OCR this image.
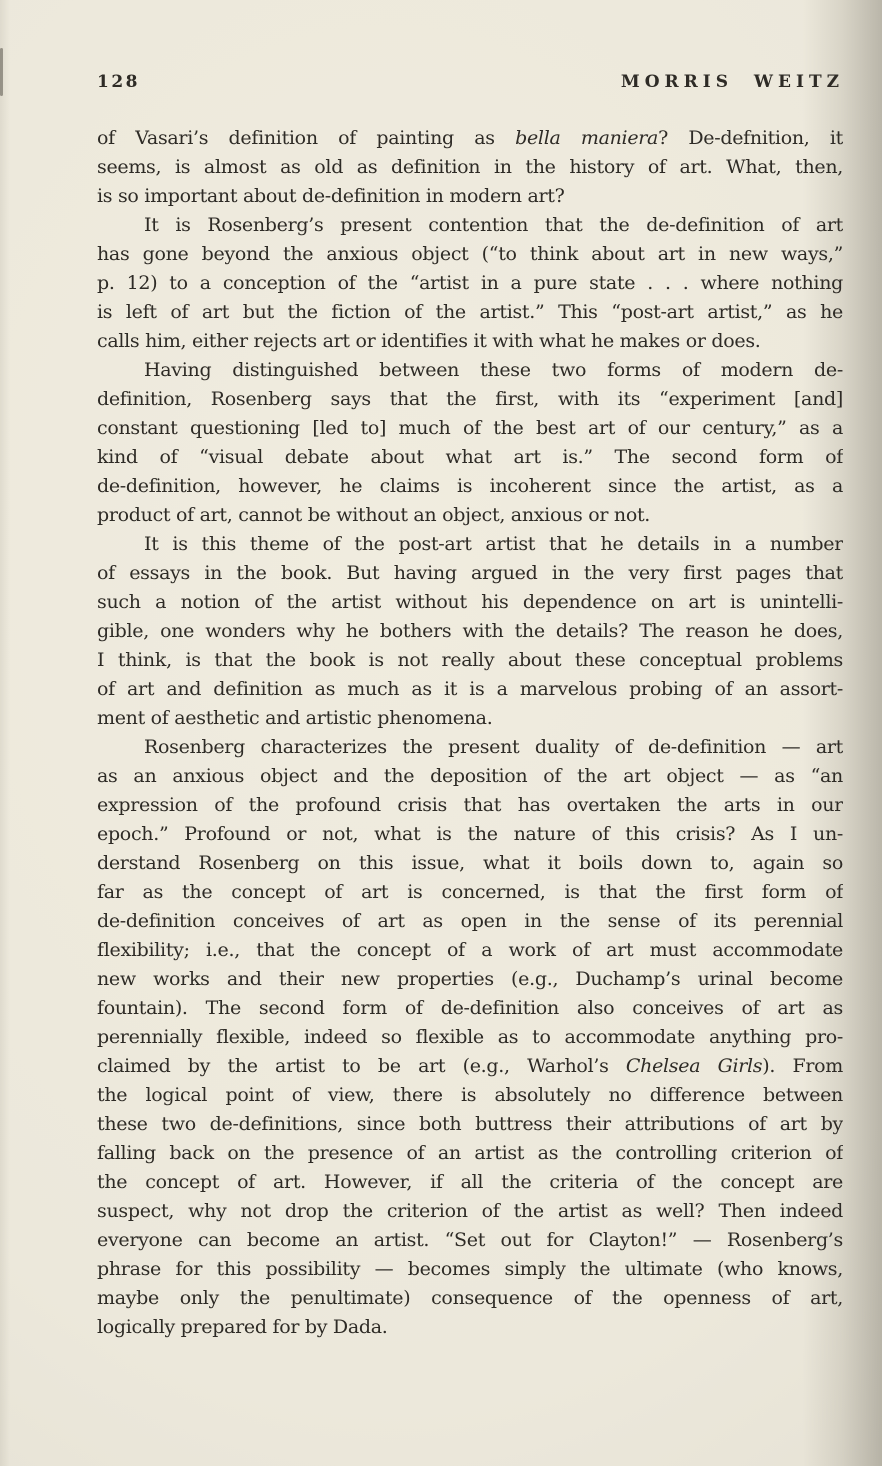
128	MORRIS WEITZ
of Vasari’s definition of painting as bella maniera? De-defnition, it
seems, is almost as old as definition in the history of art. What, then,
is so important about de-definition in modern art?
It is Rosenberg’s present contention that the de-definition of art
has gone beyond the anxious object (“to think about art in new ways,”
p. 12) to a conception of the “artist in a pure state . . . where nothing
is left of art but the fiction of the artist.” This “post-art artist,” as he
calls him, either rejects art or identifies it with what he makes or does.
Having distinguished between these two forms of modern de-
definition, Rosenberg says that the first, with its “experiment [and]
constant questioning [led to] much of the best art of our century,” as a
kind of “visual debate about what art is.” The second form of
de-definition, however, he claims is incoherent since the artist, as a
product of art, cannot be without an object, anxious or not.
It is this theme of the post-art artist that he details in a number
of essays in the book. But having argued in the very first pages that
such a notion of the artist without his dependence on art is unintelli-
gible, one wonders why he bothers with the details? The reason he does,
I think, is that the book is not really about these conceptual problems
of art and definition as much as it is a marvelous probing of an assort-
ment of aesthetic and artistic phenomena.
Rosenberg characterizes the present duality of de-definition — art
as an anxious object and the deposition of the art object — as “an
expression of the profound crisis that has overtaken the arts in our
epoch.” Profound or not, what is the nature of this crisis? As I un-
derstand Rosenberg on this issue, what it boils down to, again so
far as the concept of art is concerned, is that the first form of
de-definition conceives of art as open in the sense of its perennial
flexibility; i.e., that the concept of a work of art must accommodate
new works and their new properties (e.g., Duchamp’s urinal become
fountain). The second form of de-definition also conceives of art as
perennially flexible, indeed so flexible as to accommodate anything pro-
claimed by the artist to be art (e.g., Warhol’s Chelsea Girls). From
the logical point of view, there is absolutely no difference between
these two de-definitions, since both buttress their attributions of art by
falling back on the presence of an artist as the controlling criterion of
the concept of art. However, if all the criteria of the concept are
suspect, why not drop the criterion of the artist as well? Then indeed
everyone can become an artist. “Set out for Clayton!” — Rosenberg’s
phrase for this possibility — becomes simply the ultimate (who knows,
maybe only the penultimate) consequence of the openness of art,
logically prepared for by Dada.
